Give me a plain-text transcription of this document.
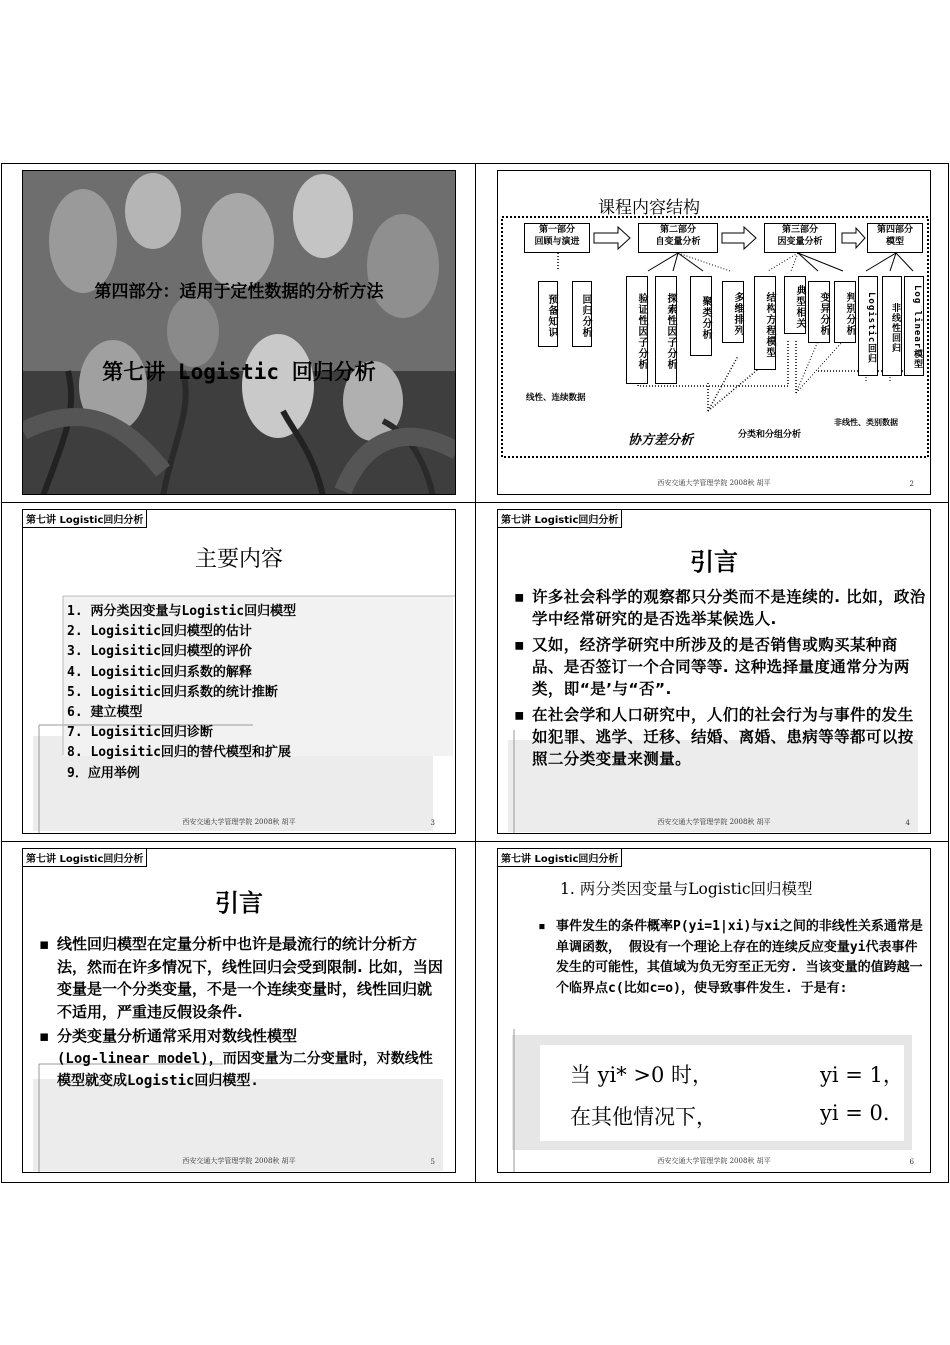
第四部分：适用于定性数据的分析方法
第七讲 Logistic 回归分析
课程内容结构
第一部分
回顾与演进
第二部分
自变量分析
第三部分
因变量分析
第四部分
模型
预备知识	回归分析	验证性因子分析	探索性因子分析	聚类分析	多维排列	结构方程模型	典型相关	变异分析	判别分析	Logistic回归	非线性回归	Log linear模型
线性、连续数据
协方差分析	分类和分组分析
非线性、类别数据
西安交通大学管理学院 2008秋 胡平	2
第七讲 Logistic回归分析
主要内容
1. 两分类因变量与Logistic回归模型
2. Logisitic回归模型的估计
3. Logisitic回归模型的评价
4. Logisitic回归系数的解释
5. Logisitic回归系数的统计推断
6. 建立模型
7. Logisitic回归诊断
8. Logisitic回归的替代模型和扩展
9．应用举例
西安交通大学管理学院 2008秋 胡平	3
第七讲 Logistic回归分析
引言
▪ 许多社会科学的观察都只分类而不是连续的. 比如，政治学中经常研究的是否选举某候选人.
▪ 又如，经济学研究中所涉及的是否销售或购买某种商品、是否签订一个合同等等. 这种选择量度通常分为两类，即“是’与“否”.
▪ 在社会学和人口研究中，人们的社会行为与事件的发生如犯罪、逃学、迁移、结婚、离婚、患病等等都可以按照二分类变量来测量。
西安交通大学管理学院 2008秋 胡平	4
第七讲 Logistic回归分析
引言
▪ 线性回归模型在定量分析中也许是最流行的统计分析方法，然而在许多情况下，线性回归会受到限制. 比如，当因变量是一个分类变量，不是一个连续变量时，线性回归就不适用，严重违反假设条件.
▪ 分类变量分析通常采用对数线性模型
(Log-linear model)，而因变量为二分变量时，对数线性模型就变成Logistic回归模型.
西安交通大学管理学院 2008秋 胡平	5
第七讲 Logistic回归分析
1. 两分类因变量与Logistic回归模型
▪ 事件发生的条件概率P(yi=1|xi)与xi之间的非线性关系通常是单调函数， 假设有一个理论上存在的连续反应变量yi代表事件发生的可能性，其值域为负无穷至正无穷. 当该变量的值跨越一个临界点c(比如c=o)，使导致事件发生. 于是有:
当 yi* >0 时，	yi = 1，
在其他情况下，	yi = 0.
西安交通大学管理学院 2008秋 胡平	6
